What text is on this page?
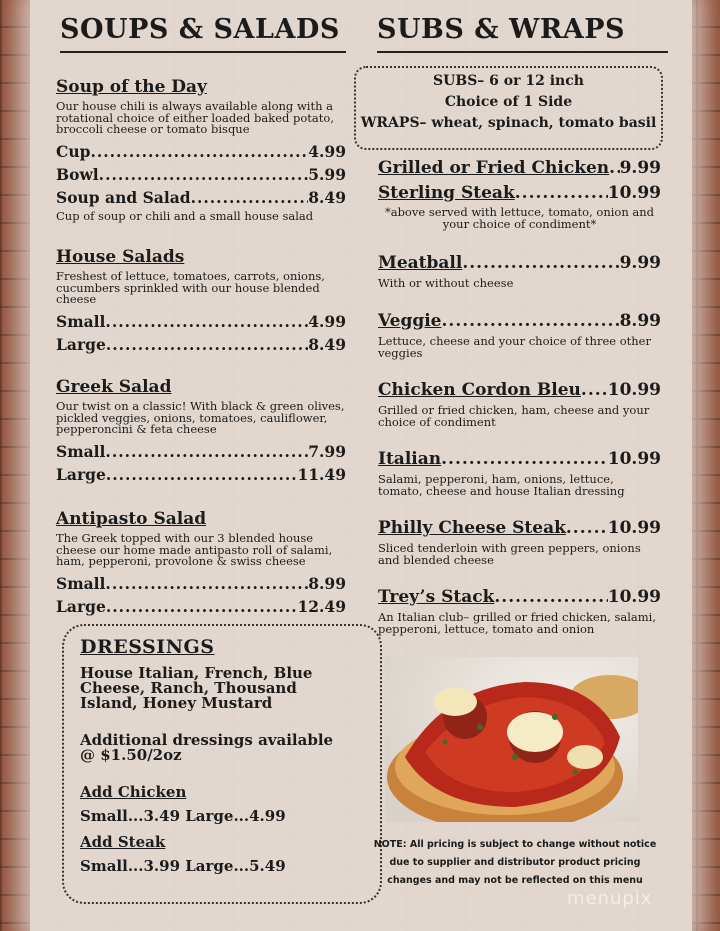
SOUPS & SALADS
Soup of the Day
Our house chili is always available along with a rotational choice of either loaded baked potato, broccoli cheese or tomato bisque
Cup .....	4.99
Bowl .....	5.99
Soup and Salad .....	8.49
Cup of soup or chili and a small house salad
House Salads
Freshest of lettuce, tomatoes, carrots, onions, cucumbers sprinkled with our house blended cheese
Small .....	4.99
Large .....	8.49
Greek Salad
Our twist on a classic! With black & green olives, pickled veggies, onions, tomatoes, cauliflower, pepperoncini & feta cheese
Small .....	7.99
Large .....	11.49
Antipasto Salad
The Greek topped with our 3 blended house cheese our home made antipasto roll of salami, ham, pepperoni, provolone & swiss cheese
Small .....	8.99
Large .....	12.49
DRESSINGS
House Italian, French, Blue Cheese, Ranch, Thousand Island, Honey Mustard
Additional dressings available @ $1.50/2oz
Add Chicken
Small...3.49 Large...4.99
Add Steak
Small...3.99 Large...5.49
SUBS & WRAPS
SUBS– 6 or 12 inch
Choice of 1 Side
WRAPS– wheat, spinach, tomato basil
Grilled or Fried Chicken ..... 9.99
Sterling Steak .....	10.99
*above served with lettuce, tomato, onion and your choice of condiment*
Meatball .....	9.99
With or without cheese
Veggie .....	8.99
Lettuce, cheese and your choice of three other veggies
Chicken Cordon Bleu ..... 10.99
Grilled or fried chicken, ham, cheese and your choice of condiment
Italian .....	10.99
Salami, pepperoni, ham, onions, lettuce, tomato, cheese and house Italian dressing
Philly Cheese Steak ..... 10.99
Sliced tenderloin with green peppers, onions and blended cheese
Trey’s Stack .....	10.99
An Italian club– grilled or fried chicken, salami, pepperoni, lettuce, tomato and onion
NOTE: All pricing is subject to change without notice due to supplier and distributor product pricing changes and may not be reflected on this menu
menupix
